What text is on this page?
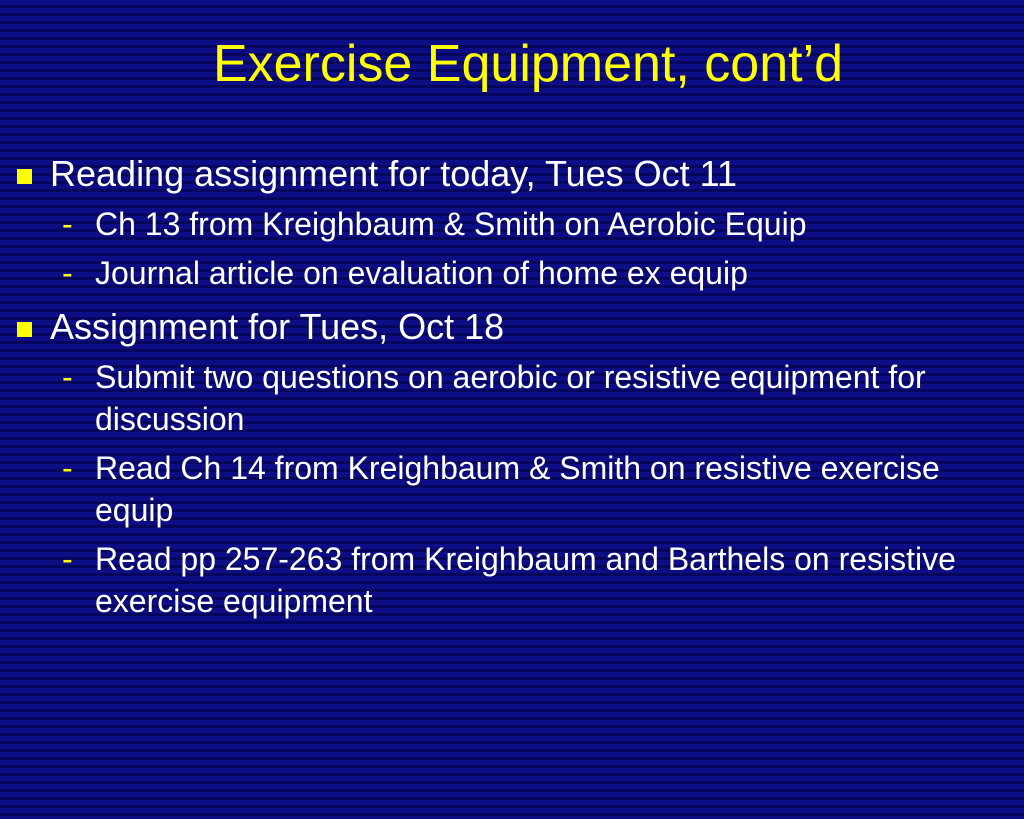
Exercise Equipment, cont’d
Reading assignment for today, Tues Oct 11
- Ch 13 from Kreighbaum & Smith on Aerobic Equip
- Journal article on evaluation of home ex equip
Assignment for Tues, Oct 18
- Submit two questions on aerobic or resistive equipment for discussion
- Read Ch 14 from Kreighbaum & Smith on resistive exercise equip
- Read pp 257-263 from Kreighbaum and Barthels on resistive exercise equipment
